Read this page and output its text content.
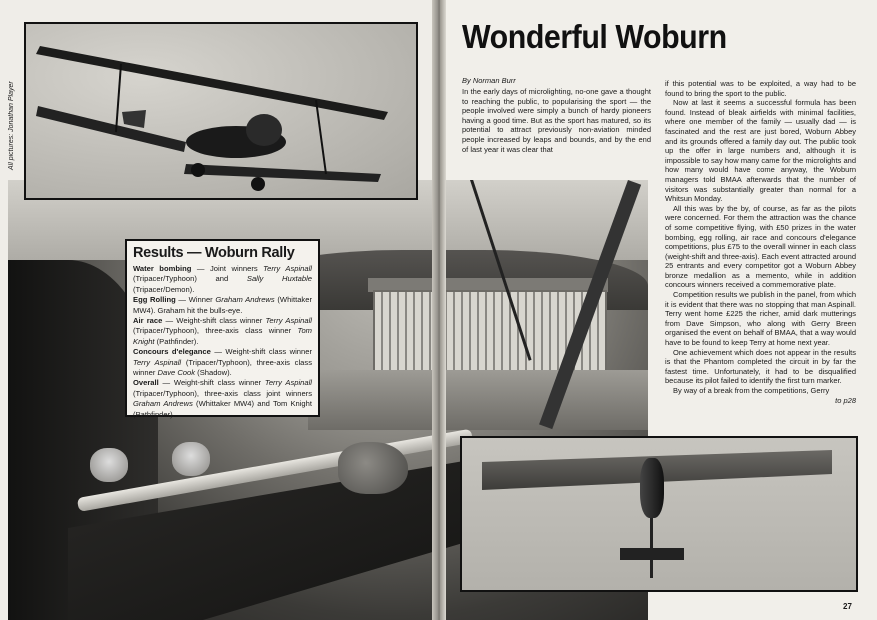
All pictures: Jonathan Player
Results — Woburn Rally

Water bombing — Joint winners Terry Aspinall (Tripacer/Typhoon) and Sally Huxtable (Tripacer/Demon).

Egg Rolling — Winner Graham Andrews (Whittaker MW4). Graham hit the bulls-eye.

Air race — Weight-shift class winner Terry Aspinall (Tripacer/Typhoon), three-axis class winner Tom Knight (Pathfinder).

Concours d'elegance — Weight-shift class winner Terry Aspinall (Tripacer/Typhoon), three-axis class winner Dave Cook (Shadow).

Overall — Weight-shift class winner Terry Aspinall (Tripacer/Typhoon), three-axis class joint winners Graham Andrews (Whittaker MW4) and Tom Knight (Pathfinder).

Wonderful Woburn
By Norman Burr

In the early days of microlighting, no-one gave a thought to reaching the public, to popularising the sport — the people involved were simply a bunch of hardy pioneers having a good time. But as the sport has matured, so its potential to attract previously non-aviation minded people increased by leaps and bounds, and by the end of last year it was clear that

if this potential was to be exploited, a way had to be found to bring the sport to the public.

Now at last it seems a successful formula has been found. Instead of bleak airfields with minimal facilities, where one member of the family — usually dad — is fascinated and the rest are just bored, Woburn Abbey and its grounds offered a family day out. The public took up the offer in large numbers and, although it is impossible to say how many came for the microlights and how many would have come anyway, the Woburn managers told BMAA afterwards that the number of visitors was substantially greater than normal for a Whitsun Monday.

All this was by the by, of course, as far as the pilots were concerned. For them the attraction was the chance of some competitive flying, with £50 prizes in the water bombing, egg rolling, air race and concours d'elegance competitions, plus £75 to the overall winner in each class (weight-shift and three-axis). Each event attracted around 25 entrants and every competitor got a Woburn Abbey bronze medallion as a memento, while in addition concours winners received a commemorative plate.

Competition results we publish in the panel, from which it is evident that there was no stopping that man Aspinall. Terry went home £225 the richer, amid dark mutterings from Dave Simpson, who along with Gerry Breen organised the event on behalf of BMAA, that a way would have to be found to keep Terry at home next year.

One achievement which does not appear in the results is that the Phantom completed the circuit in by far the fastest time. Unfortunately, it had to be disqualified because its pilot failed to identify the first turn marker.

By way of a break from the competitions, Gerry

to p28
27
